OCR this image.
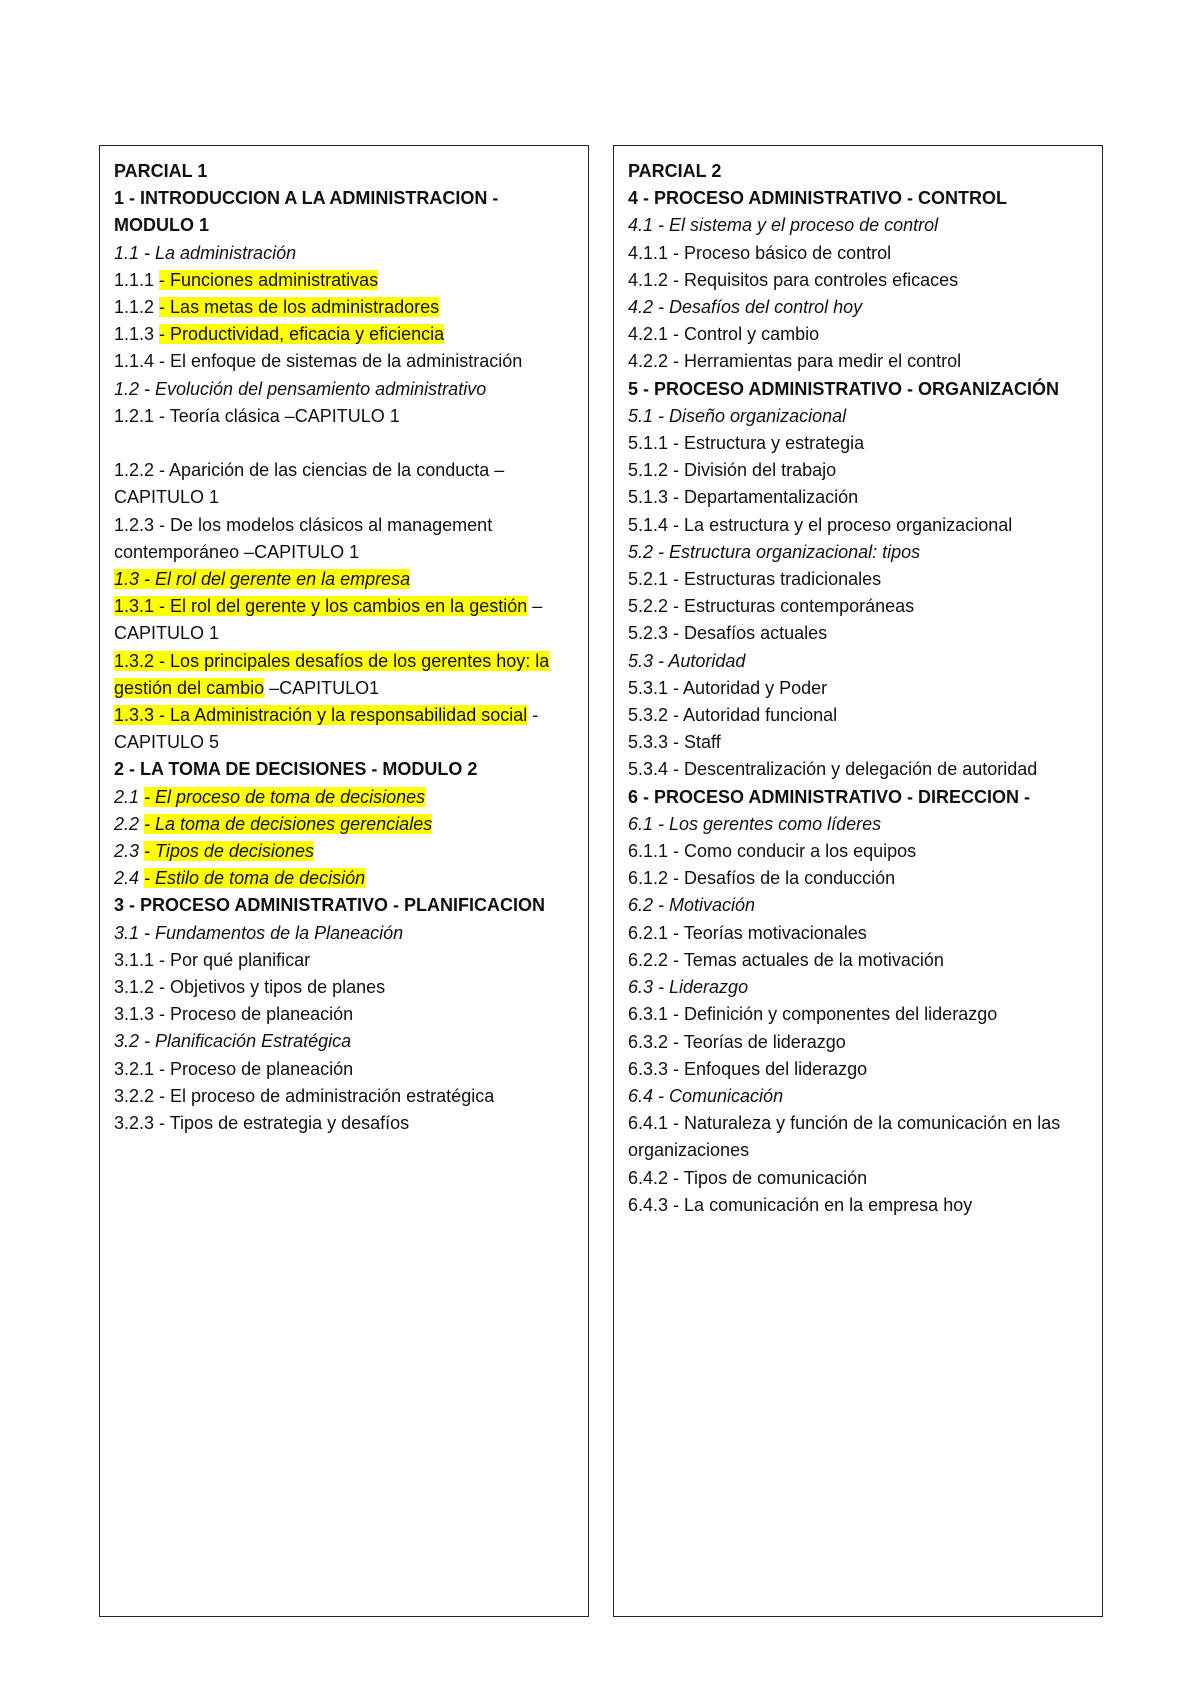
PARCIAL 1
1 - INTRODUCCION A LA ADMINISTRACION - MODULO 1
1.1 - La administración
1.1.1 - Funciones administrativas
1.1.2 - Las metas de los administradores
1.1.3 - Productividad, eficacia y eficiencia
1.1.4 - El enfoque de sistemas de la administración
1.2 - Evolución del pensamiento administrativo
1.2.1 - Teoría clásica –CAPITULO 1
1.2.2 - Aparición de las ciencias de la conducta –CAPITULO 1
1.2.3 - De los modelos clásicos al management contemporáneo –CAPITULO 1
1.3 - El rol del gerente en la empresa
1.3.1 - El rol del gerente y los cambios en la gestión –CAPITULO 1
1.3.2 - Los principales desafíos de los gerentes hoy: la gestión del cambio –CAPITULO1
1.3.3 - La Administración y la responsabilidad social -CAPITULO 5
2 - LA TOMA DE DECISIONES - MODULO 2
2.1 - El proceso de toma de decisiones
2.2 - La toma de decisiones gerenciales
2.3 - Tipos de decisiones
2.4 - Estilo de toma de decisión
3 - PROCESO ADMINISTRATIVO - PLANIFICACION
3.1 - Fundamentos de la Planeación
3.1.1 - Por qué planificar
3.1.2 - Objetivos y tipos de planes
3.1.3 - Proceso de planeación
3.2 - Planificación Estratégica
3.2.1 - Proceso de planeación
3.2.2 - El proceso de administración estratégica
3.2.3 - Tipos de estrategia y desafíos
PARCIAL 2
4 - PROCESO ADMINISTRATIVO - CONTROL
4.1 - El sistema y el proceso de control
4.1.1 - Proceso básico de control
4.1.2 - Requisitos para controles eficaces
4.2 - Desafíos del control hoy
4.2.1 - Control y cambio
4.2.2 - Herramientas para medir el control
5 - PROCESO ADMINISTRATIVO - ORGANIZACIÓN
5.1 - Diseño organizacional
5.1.1 - Estructura y estrategia
5.1.2 - División del trabajo
5.1.3 - Departamentalización
5.1.4 - La estructura y el proceso organizacional
5.2 - Estructura organizacional: tipos
5.2.1 - Estructuras tradicionales
5.2.2 - Estructuras contemporáneas
5.2.3 - Desafíos actuales
5.3 - Autoridad
5.3.1 - Autoridad y Poder
5.3.2 - Autoridad funcional
5.3.3 - Staff
5.3.4 - Descentralización y delegación de autoridad
6 - PROCESO ADMINISTRATIVO - DIRECCION -
6.1 - Los gerentes como líderes
6.1.1 - Como conducir a los equipos
6.1.2 - Desafíos de la conducción
6.2 - Motivación
6.2.1 - Teorías motivacionales
6.2.2 - Temas actuales de la motivación
6.3 - Liderazgo
6.3.1 - Definición y componentes del liderazgo
6.3.2 - Teorías de liderazgo
6.3.3 - Enfoques del liderazgo
6.4 - Comunicación
6.4.1 - Naturaleza y función de la comunicación en las organizaciones
6.4.2 - Tipos de comunicación
6.4.3 - La comunicación en la empresa hoy
